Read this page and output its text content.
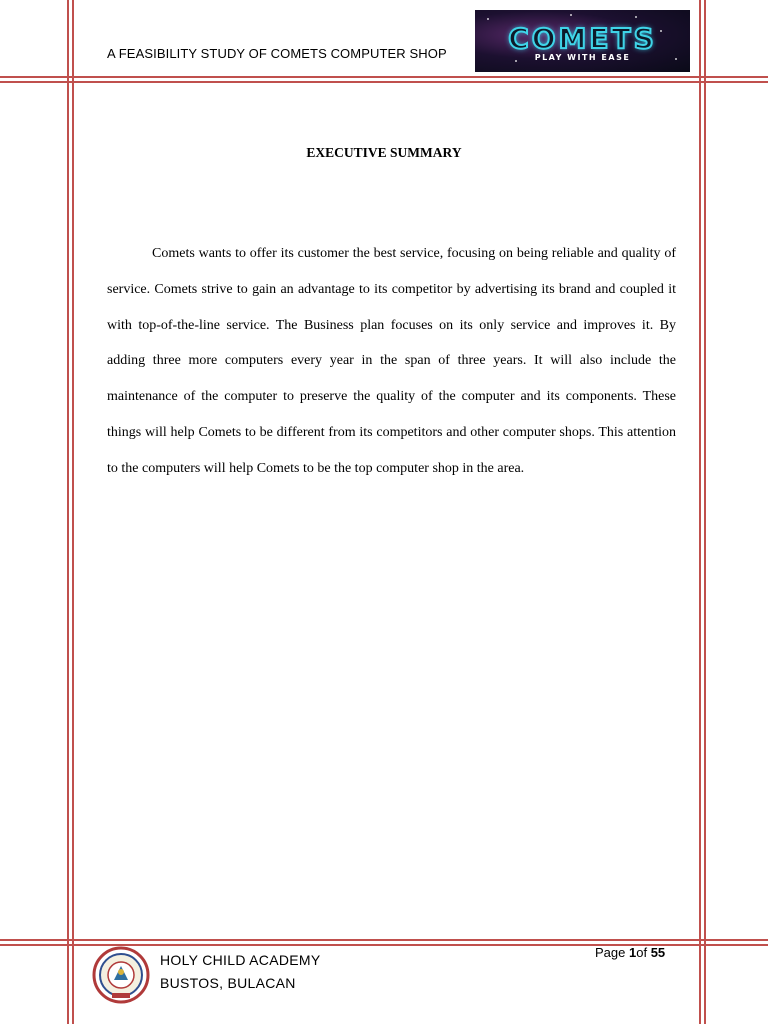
A FEASIBILITY STUDY OF COMETS COMPUTER SHOP	COMETS
PLAY WITH EASE
EXECUTIVE SUMMARY

Comets wants to offer its customer the best service, focusing on being reliable and quality of service. Comets strive to gain an advantage to its competitor by advertising its brand and coupled it with top-of-the-line service. The Business plan focuses on its only service and improves it. By adding three more computers every year in the span of three years. It will also include the maintenance of the computer to preserve the quality of the computer and its components. These things will help Comets to be different from its competitors and other computer shops. This attention to the computers will help Comets to be the top computer shop in the area.

HOLY CHILD ACADEMY
BUSTOS, BULACAN
Page 1of 55
